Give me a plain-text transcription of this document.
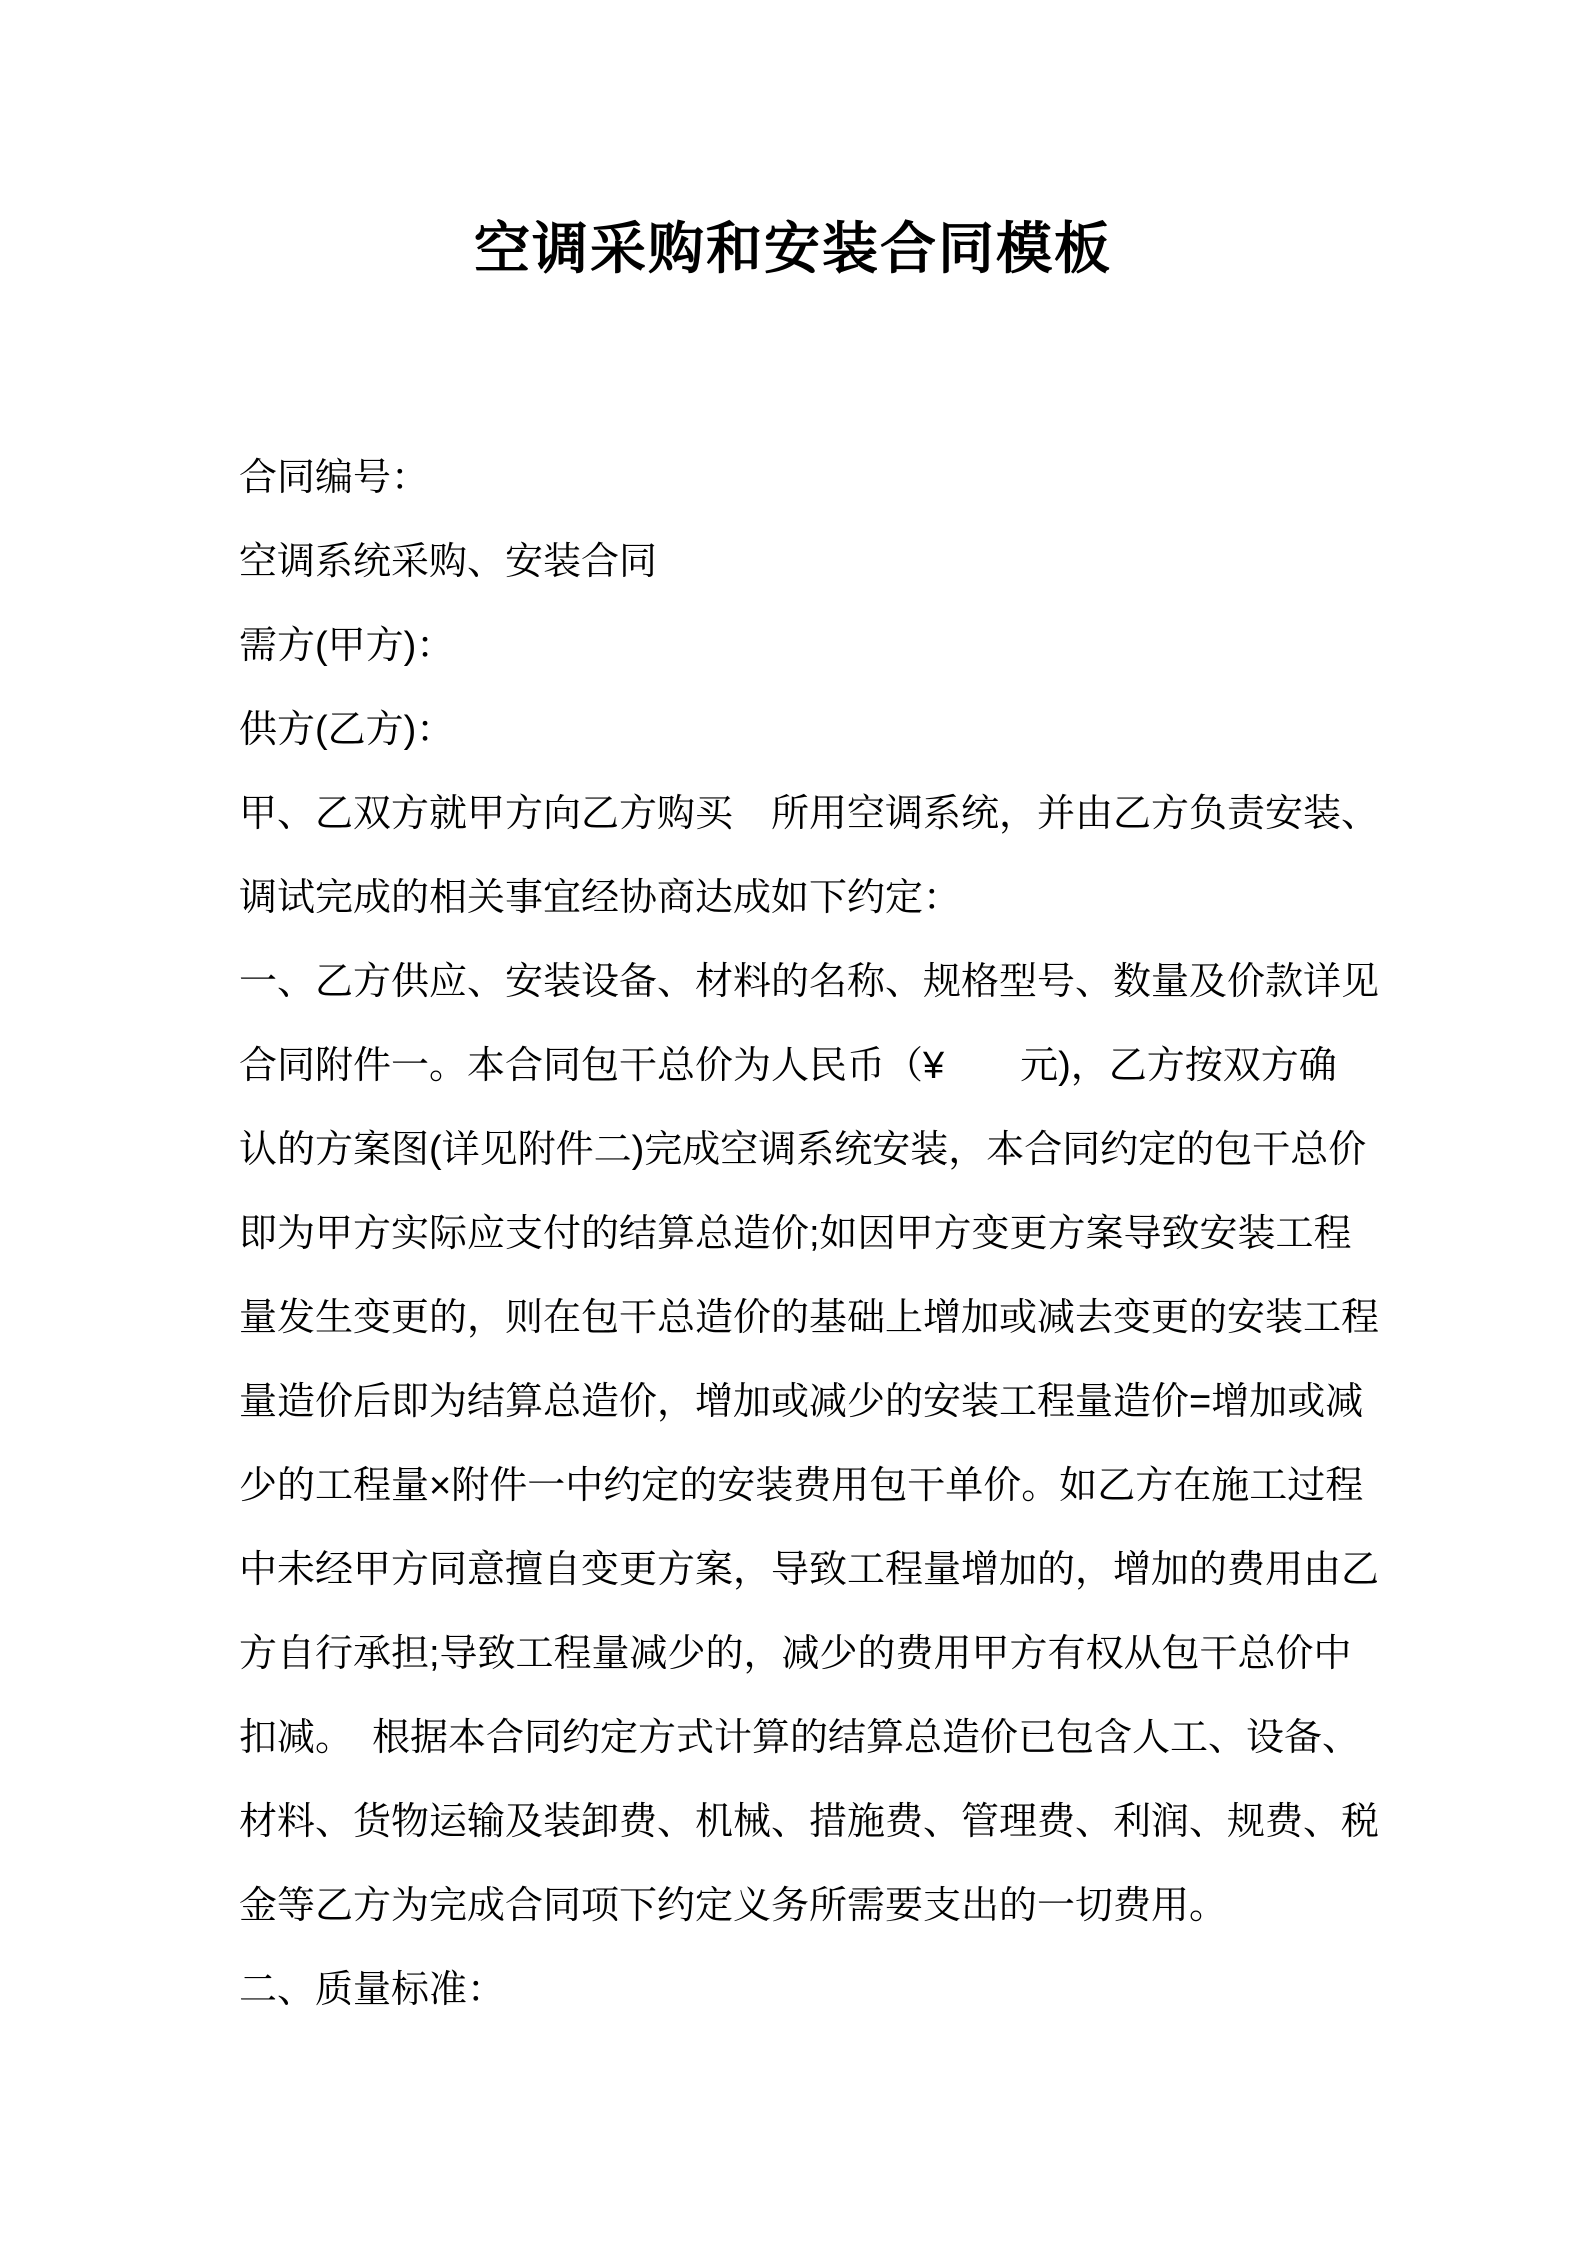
空调采购和安装合同模板
合同编号：
空调系统采购、安装合同
需方(甲方)：
供方(乙方)：
甲、乙双方就甲方向乙方购买　所用空调系统，并由乙方负责安装、
调试完成的相关事宜经协商达成如下约定：
一、乙方供应、安装设备、材料的名称、规格型号、数量及价款详见
合同附件一。本合同包干总价为人民币（¥　　元)，乙方按双方确
认的方案图(详见附件二)完成空调系统安装，本合同约定的包干总价
即为甲方实际应支付的结算总造价;如因甲方变更方案导致安装工程
量发生变更的，则在包干总造价的基础上增加或减去变更的安装工程
量造价后即为结算总造价，增加或减少的安装工程量造价=增加或减
少的工程量×附件一中约定的安装费用包干单价。如乙方在施工过程
中未经甲方同意擅自变更方案，导致工程量增加的，增加的费用由乙
方自行承担;导致工程量减少的，减少的费用甲方有权从包干总价中
扣减。　根据本合同约定方式计算的结算总造价已包含人工、设备、
材料、货物运输及装卸费、机械、措施费、管理费、利润、规费、税
金等乙方为完成合同项下约定义务所需要支出的一切费用。
二、质量标准：
